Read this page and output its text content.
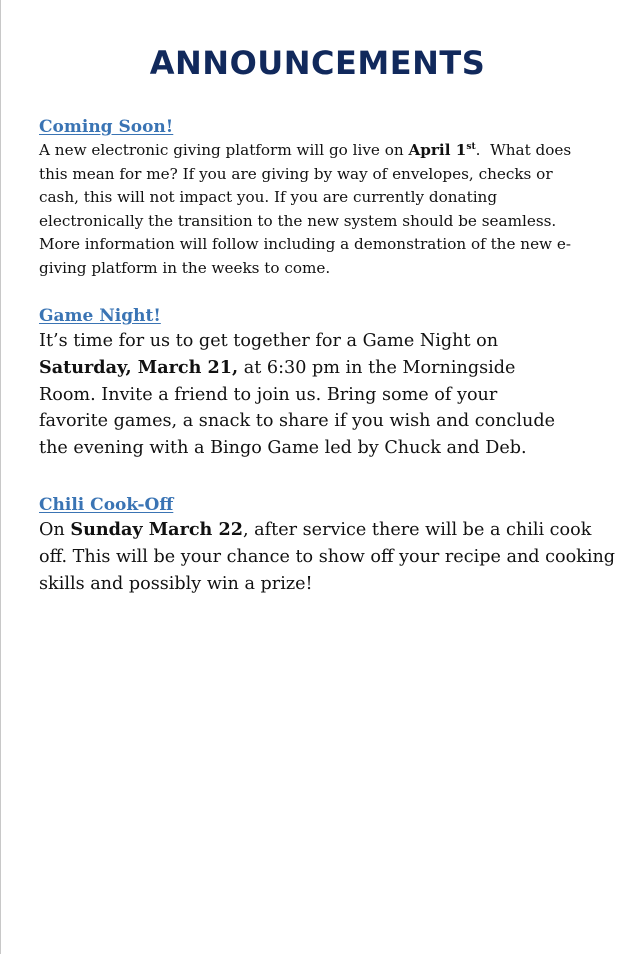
ANNOUNCEMENTS
Coming Soon!

A new electronic giving platform will go live on April 1st.  What does
this mean for me? If you are giving by way of envelopes, checks or
cash, this will not impact you. If you are currently donating
electronically the transition to the new system should be seamless.
More information will follow including a demonstration of the new e-
giving platform in the weeks to come.

Game Night!

It’s time for us to get together for a Game Night on
Saturday, March 21, at 6:30 pm in the Morningside
Room. Invite a friend to join us. Bring some of your
favorite games, a snack to share if you wish and conclude
the evening with a Bingo Game led by Chuck and Deb.

Chili Cook-Off

On Sunday March 22, after service there will be a chili cook
off. This will be your chance to show off your recipe and cooking
skills and possibly win a prize!
